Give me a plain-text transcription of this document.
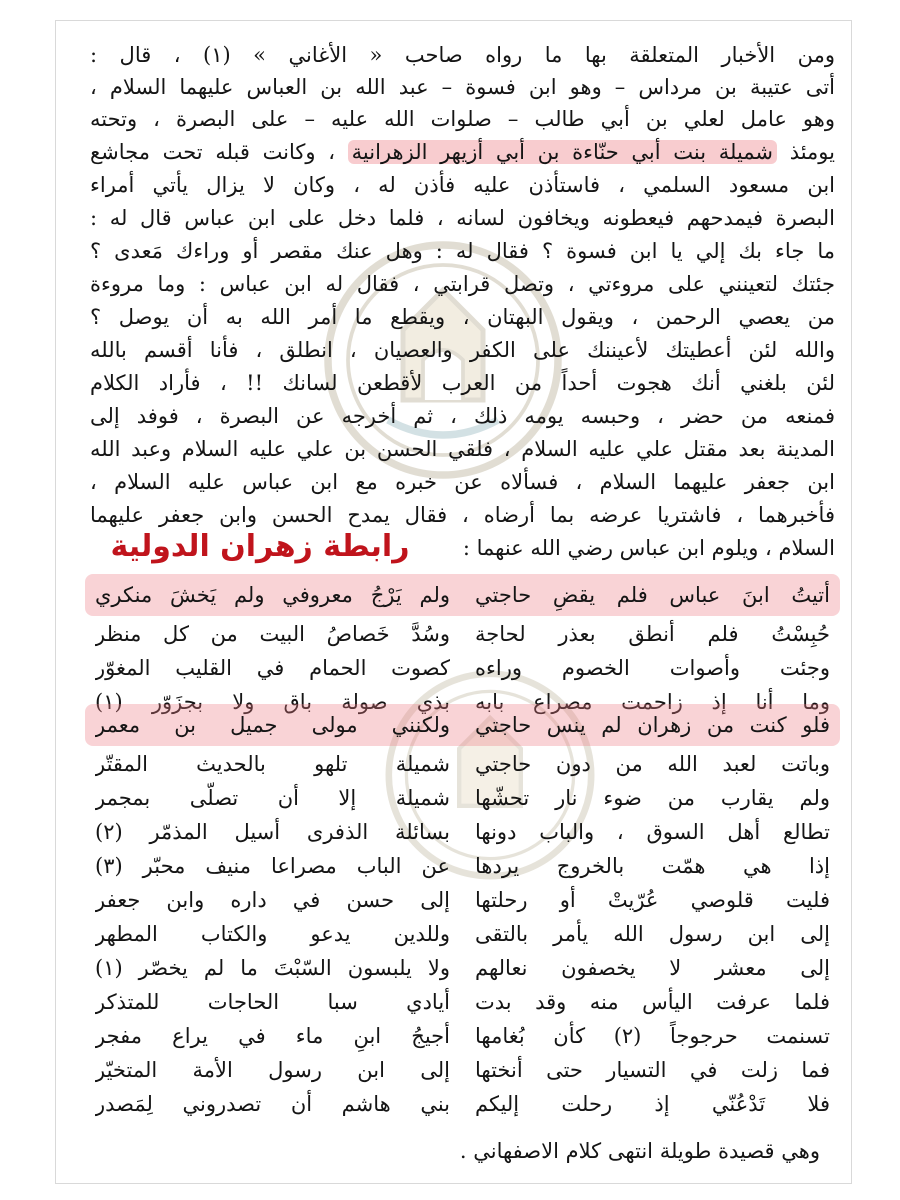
ومن الأخبار المتعلقة بها ما رواه صاحب « الأغاني » (١) ، قال :
أتى عتيبة بن مرداس – وهو ابن فسوة – عبد الله بن العباس عليهما السلام ،
وهو عامل لعلي بن أبي طالب – صلوات الله عليه – على البصرة ، وتحته
يومئذ شميلة بنت أبي حنّاءة بن أبي أزيهر الزهرانية ، وكانت قبله تحت مجاشع
ابن مسعود السلمي ، فاستأذن عليه فأذن له ، وكان لا يزال يأتي أمراء
البصرة فيمدحهم فيعطونه ويخافون لسانه ، فلما دخل على ابن عباس قال له :
ما جاء بك إلي يا ابن فسوة ؟ فقال له : وهل عنك مقصر أو وراءك مَعدى ؟
جئتك لتعينني على مروءتي ، وتصل قرابتي ، فقال له ابن عباس : وما مروءة
من يعصي الرحمن ، ويقول البهتان ، ويقطع ما أمر الله به أن يوصل ؟
والله لئن أعطيتك لأعيننك على الكفر والعصيان ، انطلق ، فأنا أقسم بالله
لئن بلغني أنك هجوت أحداً من العرب لأقطعن لسانك !! ، فأراد الكلام
فمنعه من حضر ، وحبسه يومه ذلك ، ثم أخرجه عن البصرة ، فوفد إلى
المدينة بعد مقتل علي عليه السلام ، فلقي الحسن بن علي عليه السلام وعبد الله
ابن جعفر عليهما السلام ، فسألاه عن خبره مع ابن عباس عليه السلام ،
فأخبرهما ، فاشتريا عرضه بما أرضاه ، فقال يمدح الحسن وابن جعفر عليهما
السلام ، ويلوم ابن عباس رضي الله عنهما :
رابطة زهران الدولية
أتيتُ ابنَ عباس فلم يقضِ حاجتي
ولم يَرْجُ معروفي ولم يَخشَ منكري
حُبِسْتُ فلم أنطق بعذر لحاجة
وسُدَّ خَصاصُ البيت من كل منظر
وجئت وأصوات الخصوم وراءه
كصوت الحمام في القليب المغوّر
وما أنا إذ زاحمت مصراع بابه
بذي صولة باق ولا بجزَوّر (١)
فلو كنت من زهران لم ينس حاجتي
ولكنني مولى جميل بن معمر
وباتت لعبد الله من دون حاجتي
شميلة تلهو بالحديث المقتّر
ولم يقارب من ضوء نار تحشّها
شميلة إلا أن تصلّى بمجمر
تطالع أهل السوق ، والباب دونها
بسائلة الذفرى أسيل المذمّر (٢)
إذا هي همّت بالخروج يردها
عن الباب مصراعا منيف محبّر (٣)
فليت قلوصي عُرّيتْ أو رحلتها
إلى حسن في داره وابن جعفر
إلى ابن رسول الله يأمر بالتقى
وللدين يدعو والكتاب المطهر
إلى معشر لا يخصفون نعالهم
ولا يلبسون السّبْتَ ما لم يخصّر (١)
فلما عرفت اليأس منه وقد بدت
أيادي سبا الحاجات للمتذكر
تسنمت حرجوجاً (٢) كأن بُغامها
أجيجُ ابنِ ماء في يراع مفجر
فما زلت في التسيار حتى أنختها
إلى ابن رسول الأمة المتخيّر
فلا تَدْعُنّي إذ رحلت إليكم
بني هاشم أن تصدروني لِمَصدر
وهي قصيدة طويلة انتهى كلام الاصفهاني .
